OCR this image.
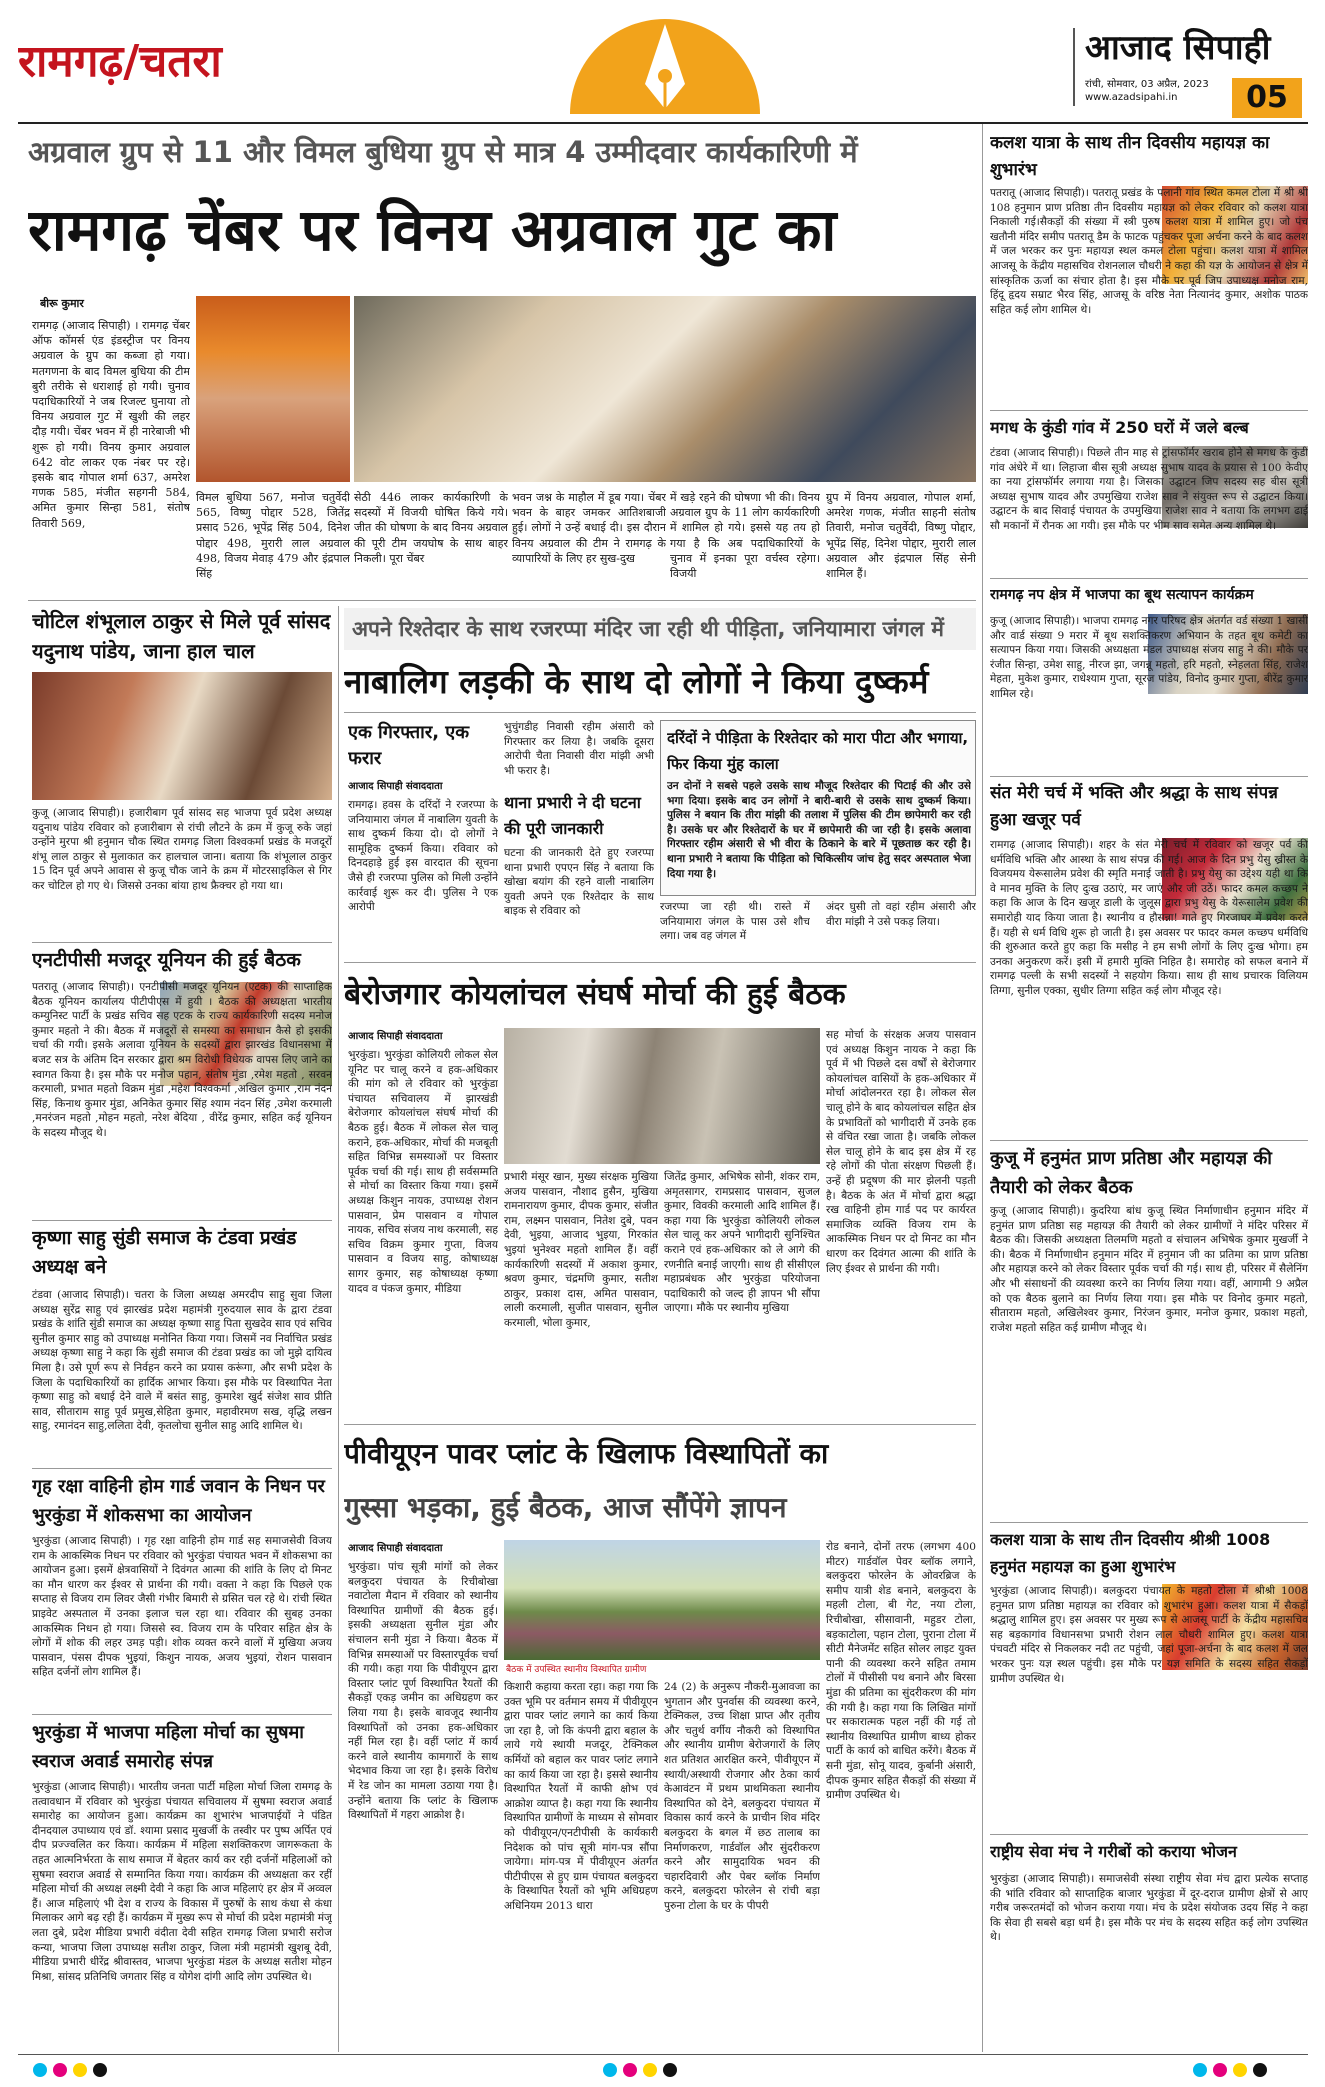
रामगढ़/चतरा	आजाद सिपाही
रांची, सोमवार, 03 अप्रैल, 2023
www.azadsipahi.in	05
अग्रवाल ग्रुप से 11 और विमल बुधिया ग्रुप से मात्र 4 उम्मीदवार कार्यकारिणी में
रामगढ़ चेंबर पर विनय अग्रवाल गुट का
बीरू कुमार
रामगढ़ (आजाद सिपाही) । रामगढ़ चेंबर ऑफ कॉमर्स एंड इंडस्ट्रीज पर विनय अग्रवाल के ग्रुप का कब्जा हो गया। मतगणना के बाद विमल बुधिया की टीम बुरी तरीके से धराशाई हो गयी। चुनाव पदाधिकारियों ने जब रिजल्ट घुनाया तो विनय अग्रवाल गुट में खुशी की लहर दौड़ गयी। चेंबर भवन में ही नारेबाजी भी शुरू हो गयी। विनय कुमार अग्रवाल 642 वोट लाकर एक नंबर पर रहे। इसके बाद गोपाल शर्मा 637, अमरेश गणक 585, मंजीत सहगनी 584, अमित कुमार सिन्हा 581, संतोष तिवारी 569,
विमल बुधिया 567, मनोज चतुर्वेदी 565, विष्णु पोद्दार 528, जितेंद्र प्रसाद 526, भूपेंद्र सिंह 504, दिनेश पोद्दार 498, मुरारी लाल अग्रवाल 498, विजय मेवाड़ 479 और इंद्रपाल सिंह
सेठी 446 लाकर कार्यकारिणी के सदस्यों में विजयी घोषित किये गये। जीत की घोषणा के बाद विनय अग्रवाल की पूरी टीम जयघोष के साथ बाहर निकली। पूरा चेंबर
भवन जश्न के माहौल में डूब गया। चेंबर भवन के बाहर जमकर आतिशबाजी हुई। लोगों ने उन्हें बधाई दी। इस दौरान विनय अग्रवाल की टीम ने रामगढ़ के व्यापारियों के लिए हर सुख-दुख
में खड़े रहने की घोषणा भी की। विनय अग्रवाल ग्रुप के 11 लोग कार्यकारिणी में शामिल हो गये। इससे यह तय हो गया है कि अब पदाधिकारियों के चुनाव में इनका पूरा वर्चस्व रहेगा। विजयी
ग्रुप में विनय अग्रवाल, गोपाल शर्मा, अमरेश गणक, मंजीत साहनी संतोष तिवारी, मनोज चतुर्वेदी, विष्णु पोद्दार, भूपेंद्र सिंह, दिनेश पोद्दार, मुरारी लाल अग्रवाल और इंद्रपाल सिंह सेनी शामिल हैं।
चोटिल शंभूलाल ठाकुर से मिले पूर्व सांसद यदुनाथ पांडेय, जाना हाल चाल
कुजू (आजाद सिपाही)। हजारीबाग पूर्व सांसद सह भाजपा पूर्व प्रदेश अध्यक्ष यदुनाथ पांडेय रविवार को हजारीबाग से रांची लौटने के क्रम में कुजू रुके जहां उन्होंने मुरपा श्री हनुमान चौक स्थित रामगढ़ जिला विश्वकर्मा प्रखंड के मजदूरों शंभू लाल ठाकुर से मुलाकात कर हालचाल जाना। बताया कि शंभूलाल ठाकुर 15 दिन पूर्व अपने आवास से कुजू चौक जाने के क्रम में मोटरसाइकिल से गिर कर चोटिल हो गए थे। जिससे उनका बांया हाथ फ्रैक्चर हो गया था।
एनटीपीसी मजदूर यूनियन की हुई बैठक
पतरातू (आजाद सिपाही)। एनटीपीसी मजदूर यूनियन (एटक) की साप्ताहिक बैठक यूनियन कार्यालय पीटीपीएस में हुयी । बैठक की अध्यक्षता भारतीय कम्युनिस्ट पार्टी के प्रखंड सचिव सह एटक के राज्य कार्यकारिणी सदस्य मनोज कुमार महतो ने की। बैठक में मजदूरों से समस्या का समाधान कैसे हो इसकी चर्चा की गयी। इसके अलावा यूनियन के सदस्यों द्वारा झारखंड विधानसभा में बजट सत्र के अंतिम दिन सरकार द्वारा श्रम विरोधी विधेयक वापस लिए जाने का स्वागत किया है। इस मौके पर मनोज पहान, संतोष मुंडा ,रमेश महतो , सरवन करमाली, प्रभात महतो विक्रम मुंडा ,महेश विश्वकर्मा ,अखिल कुमार ,राम नंदन सिंह, किनाथ कुमार मुंडा, अनिकेत कुमार सिंह श्याम नंदन सिंह ,उमेश करमाली ,मनरंजन महतो ,मोहन महतो, नरेश बेदिया , वीरेंद्र कुमार, सहित कई यूनियन के सदस्य मौजूद थे।
कृष्णा साहु सुंडी समाज के टंडवा प्रखंड अध्यक्ष बने
टंडवा (आजाद सिपाही)। चतरा के जिला अध्यक्ष अमरदीप साहु सुवा जिला अध्यक्ष सुरेंद्र साहु एवं झारखंड प्रदेश महामंत्री गुरुदयाल साव के द्वारा टंडवा प्रखंड के शांति सुंडी समाज का अध्यक्ष कृष्णा साहु पिता सुखदेव साव एवं सचिव सुनील कुमार साहु को उपाध्यक्ष मनोनित किया गया। जिसमें नव निर्वाचित प्रखंड अध्यक्ष कृष्णा साहु ने कहा कि सुंडी समाज की टंडवा प्रखंड का जो मुझे दायित्व मिला है। उसे पूर्ण रूप से निर्वहन करने का प्रयास करूंगा, और सभी प्रदेश के जिला के पदाधिकारियों का हार्दिक आभार किया। इस मौके पर विस्थापित नेता कृष्णा साहु को बधाई देने वाले में बसंत साहु, कुमारेश खुर्द संजेश साव प्रीति साव, सीताराम साहु पूर्व प्रमुख,सेहिता कुमार, महावीरमण सख, वृद्धि लखन साहु, रमानंदन साहु,ललिता देवी, कृतलोचा सुनील साहु आदि शामिल थे।
गृह रक्षा वाहिनी होम गार्ड जवान के निधन पर भुरकुंडा में शोकसभा का आयोजन
भुरकुंडा (आजाद सिपाही) । गृह रक्षा वाहिनी होम गार्ड सह समाजसेवी विजय राम के आकस्मिक निधन पर रविवार को भुरकुंडा पंचायत भवन में शोकसभा का आयोजन हुआ। इसमें क्षेत्रवासियों ने दिवंगत आत्मा की शांति के लिए दो मिनट का मौन धारण कर ईश्वर से प्रार्थना की गयी। वक्ता ने कहा कि पिछले एक सप्ताह से विजय राम लिवर जैसी गंभीर बिमारी से ग्रसित चल रहे थे। रांची स्थित प्राइवेट अस्पताल में उनका इलाज चल रहा था। रविवार की सुबह उनका आकस्मिक निधन हो गया। जिससे स्व. विजय राम के परिवार सहित क्षेत्र के लोगों में शोक की लहर उमड़ पड़ी। शोक व्यक्त करने वालों में मुखिया अजय पासवान, पंसस दीपक भुइयां, किशुन नायक, अजय भुइयां, रोशन पासवान सहित दर्जनों लोग शामिल हैं।
भुरकुंडा में भाजपा महिला मोर्चा का सुषमा स्वराज अवार्ड समारोह संपन्न
भुरकुंडा (आजाद सिपाही)। भारतीय जनता पार्टी महिला मोर्चा जिला रामगढ़ के तत्वावधान में रविवार को भुरकुंडा पंचायत सचिवालय में सुषमा स्वराज अवार्ड समारोह का आयोजन हुआ। कार्यक्रम का शुभारंभ भाजपाईयों ने पंडित दीनदयाल उपाध्याय एवं डॉ. श्यामा प्रसाद मुखर्जी के तस्वीर पर पुष्प अर्पित एवं दीप प्रज्ज्वलित कर किया। कार्यक्रम में महिला सशक्तिकरण जागरूकता के तहत आत्मनिर्भरता के साथ समाज में बेहतर कार्य कर रही दर्जनों महिलाओं को सुषमा स्वराज अवार्ड से सम्मानित किया गया। कार्यक्रम की अध्यक्षता कर रहीं महिला मोर्चा की अध्यक्ष लक्ष्मी देवी ने कहा कि आज महिलाएं हर क्षेत्र में अव्वल हैं। आज महिलाएं भी देश व राज्य के विकास में पुरुषों के साथ कंधा से कंधा मिलाकर आगे बढ़ रही हैं। कार्यक्रम में मुख्य रूप से मोर्चा की प्रदेश महामंत्री मंजू लता दुबे, प्रदेश मीडिया प्रभारी वंदीता देवी सहित रामगढ़ जिला प्रभारी सरोज कन्या, भाजपा जिला उपाध्यक्ष सतीश ठाकुर, जिला मंत्री महामंत्री खुशबू देवी, मीडिया प्रभारी धीरेंद्र श्रीवास्तव, भाजपा भुरकुंडा मंडल के अध्यक्ष सतीश मोहन मिश्रा, सांसद प्रतिनिधि जगतार सिंह व योगेश दांगी आदि लोग उपस्थित थे।
अपने रिश्तेदार के साथ रजरप्पा मंदिर जा रही थी पीड़िता, जनियामारा जंगल में
नाबालिग लड़की के साथ दो लोगों ने किया दुष्कर्म
एक गिरफ्तार, एक फरार
आजाद सिपाही संवाददाता
रामगढ़। हवस के दरिंदों ने रजरप्पा के जनियामारा जंगल में नाबालिग युवती के साथ दुष्कर्म किया दो। दो लोगों ने सामूहिक दुष्कर्म किया। रविवार को दिनदहाड़े हुई इस वारदात की सूचना जैसे ही रजरप्पा पुलिस को मिली उन्होंने कार्रवाई शुरू कर दी। पुलिस ने एक आरोपी
भुचुंगडीह निवासी रहीम अंसारी को गिरफ्तार कर लिया है। जबकि दूसरा आरोपी चैता निवासी वीरा मांझी अभी भी फरार है।
थाना प्रभारी ने दी घटना की पूरी जानकारी
घटना की जानकारी देते हुए रजरप्पा थाना प्रभारी एपएन सिंह ने बताया कि खोखा बयांग की रहने वाली नाबालिग युवती अपने एक रिश्तेदार के साथ बाइक से रविवार को
दरिंदों ने पीड़िता के रिश्तेदार को मारा पीटा और भगाया, फिर किया मुंह काला
उन दोनों ने सबसे पहले उसके साथ मौजूद रिश्तेदार की पिटाई की और उसे भगा दिया। इसके बाद उन लोगों ने बारी-बारी से उसके साथ दुष्कर्म किया। पुलिस ने बयान कि तीरा मांझी की तलाश में पुलिस की टीम छापेमारी कर रही है। उसके घर और रिश्तेदारों के घर में छापेमारी की जा रही है। इसके अलावा गिरफ्तार रहीम अंसारी से भी वीरा के ठिकाने के बारे में पूछताछ कर रही है। थाना प्रभारी ने बताया कि पीड़िता को चिकित्सीय जांच हेतु सदर अस्पताल भेजा दिया गया है।
रजरप्पा जा रही थी। रास्ते में जनियामारा जंगल के पास उसे शौच लगा। जब वह जंगल में
अंदर घुसी तो वहां रहीम अंसारी और वीरा मांझी ने उसे पकड़ लिया।
बेरोजगार कोयलांचल संघर्ष मोर्चा की हुई बैठक
आजाद सिपाही संवाददाता
भुरकुंडा। भुरकुंडा कोलियरी लोकल सेल यूनिट पर चालू करने व हक-अधिकार की मांग को ले रविवार को भुरकुंडा पंचायत सचिवालय में झारखंडी बेरोजगार कोयलांचल संघर्ष मोर्चा की बैठक हुई। बैठक में लोकल सेल चालू कराने, हक-अधिकार, मोर्चा की मजबूती सहित विभिन्न समस्याओं पर विस्तार पूर्वक चर्चा की गई। साथ ही सर्वसम्मति से मोर्चा का विस्तार किया गया। इसमें अध्यक्ष किशुन नायक, उपाध्यक्ष रोशन पासवान, प्रेम पासवान व गोपाल नायक, सचिव संजय नाथ करमाली, सह सचिव विक्रम कुमार गुप्ता, विजय पासवान व विजय साहु, कोषाध्यक्ष सागर कुमार, सह कोषाध्यक्ष कृष्णा यादव व पंकज कुमार, मीडिया
प्रभारी मंसूर खान, मुख्य संरक्षक मुखिया अजय पासवान, नौशाद हुसैन, मुखिया रामनारायण कुमार, दीपक कुमार, संजीत राम, लक्ष्मन पासवान, नितेश दुबे, पवन देवी, भुइया, आजाद भुइया, गिरकांत भुइयां भुनेश्वर महतो शामिल हैं। वहीं कार्यकारिणी सदस्यों में अकाश कुमार, श्रवण कुमार, चंद्रमणि कुमार, सतीश ठाकुर, प्रकाश दास, अमित पासवान, लाली करमाली, सुजीत पासवान, सुनील करमाली, भोला कुमार,
जितेंद्र कुमार, अभिषेक सोनी, शंकर राम, अमृतसागर, रामप्रसाद पासवान, सुजल कुमार, विवकी करमाली आदि शामिल हैं। कहा गया कि भुरकुंडा कोलियरी लोकल सेल चालू कर अपने भागीदारी सुनिश्चित कराने एवं हक-अधिकार को ले आगे की रणनीति बनाई जाएगी। साथ ही सीसीएल महाप्रबंधक और भुरकुंडा परियोजना पदाधिकारी को जल्द ही ज्ञापन भी सौंपा जाएगा। मौके पर स्थानीय मुखिया
सह मोर्चा के संरक्षक अजय पासवान एवं अध्यक्ष किशुन नायक ने कहा कि पूर्व में भी पिछले दस वर्षों से बेरोजगार कोयलांचल वासियों के हक-अधिकार में मोर्चा आंदोलनरत रहा है। लोकल सेल चालू होने के बाद कोयलांचल सहित क्षेत्र के प्रभावितों को भागीदारी में उनके हक से वंचित रखा जाता है। जबकि लोकल सेल चालू होने के बाद इस क्षेत्र में रह रहे लोगों की पोता संरक्षण पिछली हैं। उन्हें ही प्रदूषण की मार झेलनी पड़ती है। बैठक के अंत में मोर्चा द्वारा श्रद्धा रख वाहिनी होम गार्ड पद पर कार्यरत समाजिक व्यक्ति विजय राम के आकस्मिक निधन पर दो मिनट का मौन धारण कर दिवंगत आत्मा की शांति के लिए ईश्वर से प्रार्थना की गयी।
पीवीयूएन पावर प्लांट के खिलाफ विस्थापितों का
गुस्सा भड़का, हुई बैठक, आज सौंपेंगे ज्ञापन
आजाद सिपाही संवाददाता
बैठक में उपस्थित स्थानीय विस्थापित ग्रामीण
भुरकुंडा। पांच सूत्री मांगों को लेकर बलकुदरा पंचायत के रिचीबोखा नवाटोला मैदान में रविवार को स्थानीय विस्थापित ग्रामीणों की बैठक हुई। इसकी अध्यक्षता सुनील मुंडा और संचालन सनी मुंडा ने किया। बैठक में विभिन्न समस्याओं पर विस्तारपूर्वक चर्चा की गयी। कहा गया कि पीवीयूएन द्वारा विस्तार प्लांट पूर्ण विस्थापित रैयतों की सैकड़ों एकड़ जमीन का अधिग्रहण कर लिया गया है। इसके बावजूद स्थानीय विस्थापितों को उनका हक-अधिकार नहीं मिल रहा है। वहीं प्लांट में कार्य करने वाले स्थानीय कामगारों के साथ भेदभाव किया जा रहा है। इसके विरोध में रेड जोन का मामला उठाया गया है। उन्होंने बताया कि प्लांट के खिलाफ विस्थापितों में गहरा आक्रोश है।
किशारी कहाया करता रहा। कहा गया कि उक्त भूमि पर वर्तमान समय में पीवीयूएन द्वारा पावर प्लांट लगाने का कार्य किया जा रहा है, जो कि कंपनी द्वारा बहाल के लाये गये स्थायी मजदूर, टेक्निकल कर्मियों को बहाल कर पावर प्लांट लगाने का कार्य किया जा रहा है। इससे स्थानीय विस्थापित रैयतों में काफी क्षोभ एवं आक्रोश व्याप्त है। कहा गया कि स्थानीय विस्थापित ग्रामीणों के माध्यम से सोमवार को पीवीयूएन/एनटीपीसी के कार्यकारी निदेशक को पांच सूत्री मांग-पत्र सौंपा जायेगा। मांग-पत्र में पीवीयूएन अंतर्गत पीटीपीएस से हुए ग्राम पंचायत बलकुदरा के विस्थापित रैयतों को भूमि अधिग्रहण अधिनियम 2013 धारा
24 (2) के अनुरूप नौकरी-मुआवजा का भुगतान और पुनर्वास की व्यवस्था करने, टेक्निकल, उच्च शिक्षा प्राप्त और तृतीय और चतुर्थ वर्गीय नौकरी को विस्थापित और स्थानीय ग्रामीण बेरोजगारों के लिए शत प्रतिशत आरक्षित करने, पीवीयूएन में स्थायी/अस्थायी रोजगार और ठेका कार्य केआवंटन में प्रथम प्राथमिकता स्थानीय विस्थापित को देने, बलकुदरा पंचायत में विकास कार्य करने के प्राचीन शिव मंदिर बलकुदरा के बगल में छठ तालाब का निर्माणकरण, गार्डवॉल और सुंदरीकरण करने और सामुदायिक भवन की चहारदिवारी और पेबर ब्लॉक निर्माण करने, बलकुदरा फोरलेन से रांची बड़ा पुरुना टोला के घर के पीपरी
रोड बनाने, दोनों तरफ (लगभग 400 मीटर) गार्डवॉल पेवर ब्लॉक लगाने, बलकुदरा फोरलेन के ओवरब्रिज के समीप यात्री शेड बनाने, बलकुदरा के महली टोला, बी गेट, नया टोला, रिचीबोखा, सीसावानी, महुडर टोला, बड़काटोला, पहान टोला, पुराना टोला में सीटी मैनेजमेंट सहित सोलर लाइट युक्त पानी की व्यवस्था करने सहित तमाम टोलों में पीसीसी पथ बनाने और बिरसा मुंडा की प्रतिमा का सुंदरीकरण की मांग की गयी है। कहा गया कि लिखित मांगों पर सकारात्मक पहल नहीं की गई तो स्थानीय विस्थापित ग्रामीण बाध्य होकर पार्टी के कार्य को बाधित करेंगे। बैठक में सनी मुंडा, सोनू यादव, कुर्बानी अंसारी, दीपक कुमार सहित सैकड़ों की संख्या में ग्रामीण उपस्थित थे।
कलश यात्रा के साथ तीन दिवसीय महायज्ञ का शुभारंभ
पतरातू (आजाद सिपाही)। पतरातू प्रखंड के पलानी गांव स्थित कमल टोला में श्री श्री 108 हनुमान प्राण प्रतिष्ठा तीन दिवसीय महायज्ञ को लेकर रविवार को कलश यात्रा निकाली गई।सैकड़ों की संख्या में स्त्री पुरुष कलश यात्रा में शामिल हुए। जो पंच खतौनी मंदिर समीप पतरातू डैम के फाटक पहुंचकर पूजा अर्चना करने के बाद कलश में जल भरकर कर पुनः महायज्ञ स्थल कमल टोला पहुंचा। कलश यात्रा में शामिल आजसू के केंद्रीय महासचिव रोशनलाल चौधरी ने कहा की यज्ञ के आयोजन से क्षेत्र में सांस्कृतिक ऊर्जा का संचार होता है। इस मौके पर पूर्व जिप उपाध्यक्ष मनोज राम, हिंदू हृदय सम्राट भैरव सिंह, आजसू के वरिष्ठ नेता नित्यानंद कुमार, अशोक पाठक सहित कई लोग शामिल थे।
मगध के कुंडी गांव में 250 घरों में जले बल्ब
टंडवा (आजाद सिपाही)। पिछले तीन माह से ट्रांसफॉर्मर खराब होने से मगध के कुंडी गांव अंधेरे में था। लिहाजा बीस सूत्री अध्यक्ष सुभाष यादव के प्रयास से 100 केवीए का नया ट्रांसफॉर्मर लगाया गया है। जिसका उद्घाटन जिप सदस्य सह बीस सूत्री अध्यक्ष सुभाष यादव और उपमुखिया राजेश साव ने संयुक्त रूप से उद्घाटन किया। उद्घाटन के बाद सिवाई पंचायत के उपमुखिया राजेश साव ने बताया कि लगभग ढाई सौ मकानों में रौनक आ गयी। इस मौके पर भीम साव समेत अन्य शामिल थे।
रामगढ़ नप क्षेत्र में भाजपा का बूथ सत्यापन कार्यक्रम
कुजू (आजाद सिपाही)। भाजपा रामगढ़ नगर परिषद क्षेत्र अंतर्गत वर्ड संख्या 1 खासी और वार्ड संख्या 9 मरार में बूथ सशक्तिकरण अभियान के तहत बूथ कमेटी का सत्यापन किया गया। जिसकी अध्यक्षता मंडल उपाध्यक्ष संजय साहु ने की। मौके पर रंजीत सिन्हा, उमेश साहु, नीरज झा, जगन्नू महतो, हरि महतो, स्नेहलता सिंह, राजेश मेहता, मुकेश कुमार, राधेश्याम गुप्ता, सूरज पांडेय, विनोद कुमार गुप्ता, बीरेंद्र कुमार शामिल रहे।
संत मेरी चर्च में भक्ति और श्रद्धा के साथ संपन्न हुआ खजूर पर्व
रामगढ़ (आजाद सिपाही)। शहर के संत मेरी चर्च में रविवार को खजूर पर्व की धर्मविधि भक्ति और आस्था के साथ संपन्न की गई। आज के दिन प्रभु येसु ख्रीस्त के विजयमय येरूसालेम प्रवेश की स्मृति मनाई जाती है। प्रभु येसु का उद्देश्य यही था कि वे मानव मुक्ति के लिए दुःख उठाएं, मर जाएं और जी उठें। फादर कमल कच्छप ने कहा कि आज के दिन खजूर डाली के जुलूस द्वारा प्रभु येसु के येरूसालेम प्रवेश की समारोही याद किया जाता है। स्थानीय व हौसन्ना! गाते हुए गिरजाघर में प्रवेश करते हैं। यही से धर्म विधि शुरू हो जाती है। इस अवसर पर फादर कमल कच्छप धर्मविधि की शुरुआत करते हुए कहा कि मसीह ने हम सभी लोगों के लिए दुःख भोगा। हम उनका अनुकरण करें। इसी में हमारी मुक्ति निहित है। समारोह को सफल बनाने में रामगढ़ पल्ली के सभी सदस्यों ने सहयोग किया। साथ ही साथ प्रचारक विलियम तिग्गा, सुनील एक्का, सुधीर तिग्गा सहित कई लोग मौजूद रहे।
कुजू में हनुमंत प्राण प्रतिष्ठा और महायज्ञ की तैयारी को लेकर बैठक
कुजू (आजाद सिपाही)। कुदरिया बांध कुजू स्थित निर्माणाधीन हनुमान मंदिर में हनुमंत प्राण प्रतिष्ठा सह महायज्ञ की तैयारी को लेकर ग्रामीणों ने मंदिर परिसर में बैठक की। जिसकी अध्यक्षता तिलमणि महतो व संचालन अभिषेक कुमार मुखर्जी ने की। बैठक में निर्माणाधीन हनुमान मंदिर में हनुमान जी का प्रतिमा का प्राण प्रतिष्ठा और महायज्ञ करने को लेकर विस्तार पूर्वक चर्चा की गई। साथ ही, परिसर में सैलेनिंग और भी संसाधनों की व्यवस्था करने का निर्णय लिया गया। वहीं, आगामी 9 अप्रैल को एक बैठक बुलाने का निर्णय लिया गया। इस मौके पर विनोद कुमार महतो, सीताराम महतो, अखिलेश्वर कुमार, निरंजन कुमार, मनोज कुमार, प्रकाश महतो, राजेश महतो सहित कई ग्रामीण मौजूद थे।
कलश यात्रा के साथ तीन दिवसीय श्रीश्री 1008 हनुमंत महायज्ञ का हुआ शुभारंभ
भुरकुंडा (आजाद सिपाही)। बलकुदरा पंचायत के महतो टोला में श्रीश्री 1008 हनुमत प्राण प्रतिष्ठा महायज्ञ का रविवार को शुभारंभ हुआ। कलश यात्रा में सैकड़ों श्रद्धालु शामिल हुए। इस अवसर पर मुख्य रूप से आजसू पार्टी के केंद्रीय महासचिव सह बड़कागांव विधानसभा प्रभारी रोशन लाल चौधरी शामिल हुए। कलश यात्रा पंचवटी मंदिर से निकलकर नदी तट पहुंची, जहां पूजा-अर्चना के बाद कलश में जल भरकर पुनः यज्ञ स्थल पहुंची। इस मौके पर यज्ञ समिति के सदस्य सहित सैकड़ों ग्रामीण उपस्थित थे।
राष्ट्रीय सेवा मंच ने गरीबों को कराया भोजन
भुरकुंडा (आजाद सिपाही)। समाजसेवी संस्था राष्ट्रीय सेवा मंच द्वारा प्रत्येक सप्ताह की भांति रविवार को साप्ताहिक बाजार भुरकुंडा में दूर-दराज ग्रामीण क्षेत्रों से आए गरीब जरूरतमंदों को भोजन कराया गया। मंच के प्रदेश संयोजक उदय सिंह ने कहा कि सेवा ही सबसे बड़ा धर्म है। इस मौके पर मंच के सदस्य सहित कई लोग उपस्थित थे।
